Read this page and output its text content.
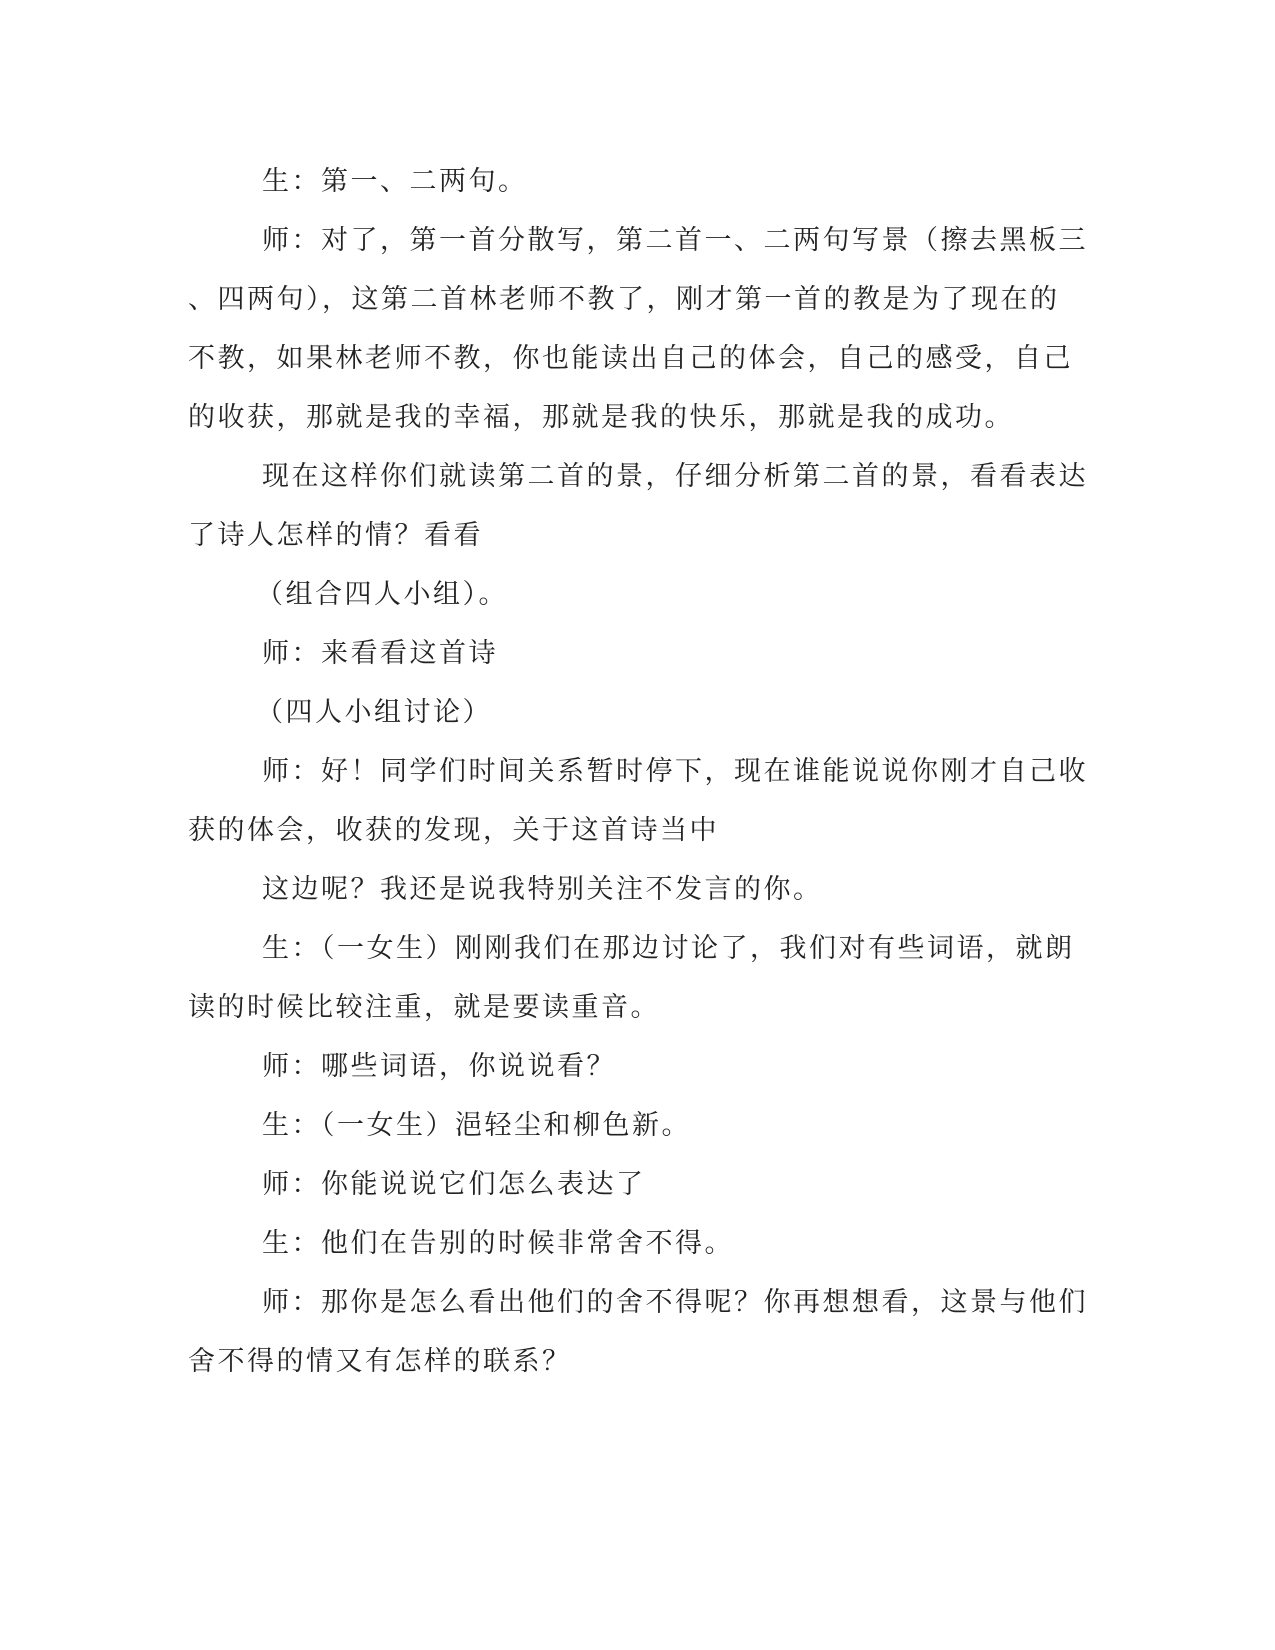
生：第一、二两句。
师：对了，第一首分散写，第二首一、二两句写景（擦去黑板三
、四两句），这第二首林老师不教了，刚才第一首的教是为了现在的
不教，如果林老师不教，你也能读出自己的体会，自己的感受，自己
的收获，那就是我的幸福，那就是我的快乐，那就是我的成功。
现在这样你们就读第二首的景，仔细分析第二首的景，看看表达
了诗人怎样的情？看看
（组合四人小组）。
师：来看看这首诗
（四人小组讨论）
师：好！同学们时间关系暂时停下，现在谁能说说你刚才自己收
获的体会，收获的发现，关于这首诗当中
这边呢？我还是说我特别关注不发言的你。
生：（一女生）刚刚我们在那边讨论了，我们对有些词语，就朗
读的时候比较注重，就是要读重音。
师：哪些词语，你说说看？
生：（一女生）浥轻尘和柳色新。
师：你能说说它们怎么表达了
生：他们在告别的时候非常舍不得。
师：那你是怎么看出他们的舍不得呢？你再想想看，这景与他们
舍不得的情又有怎样的联系？
